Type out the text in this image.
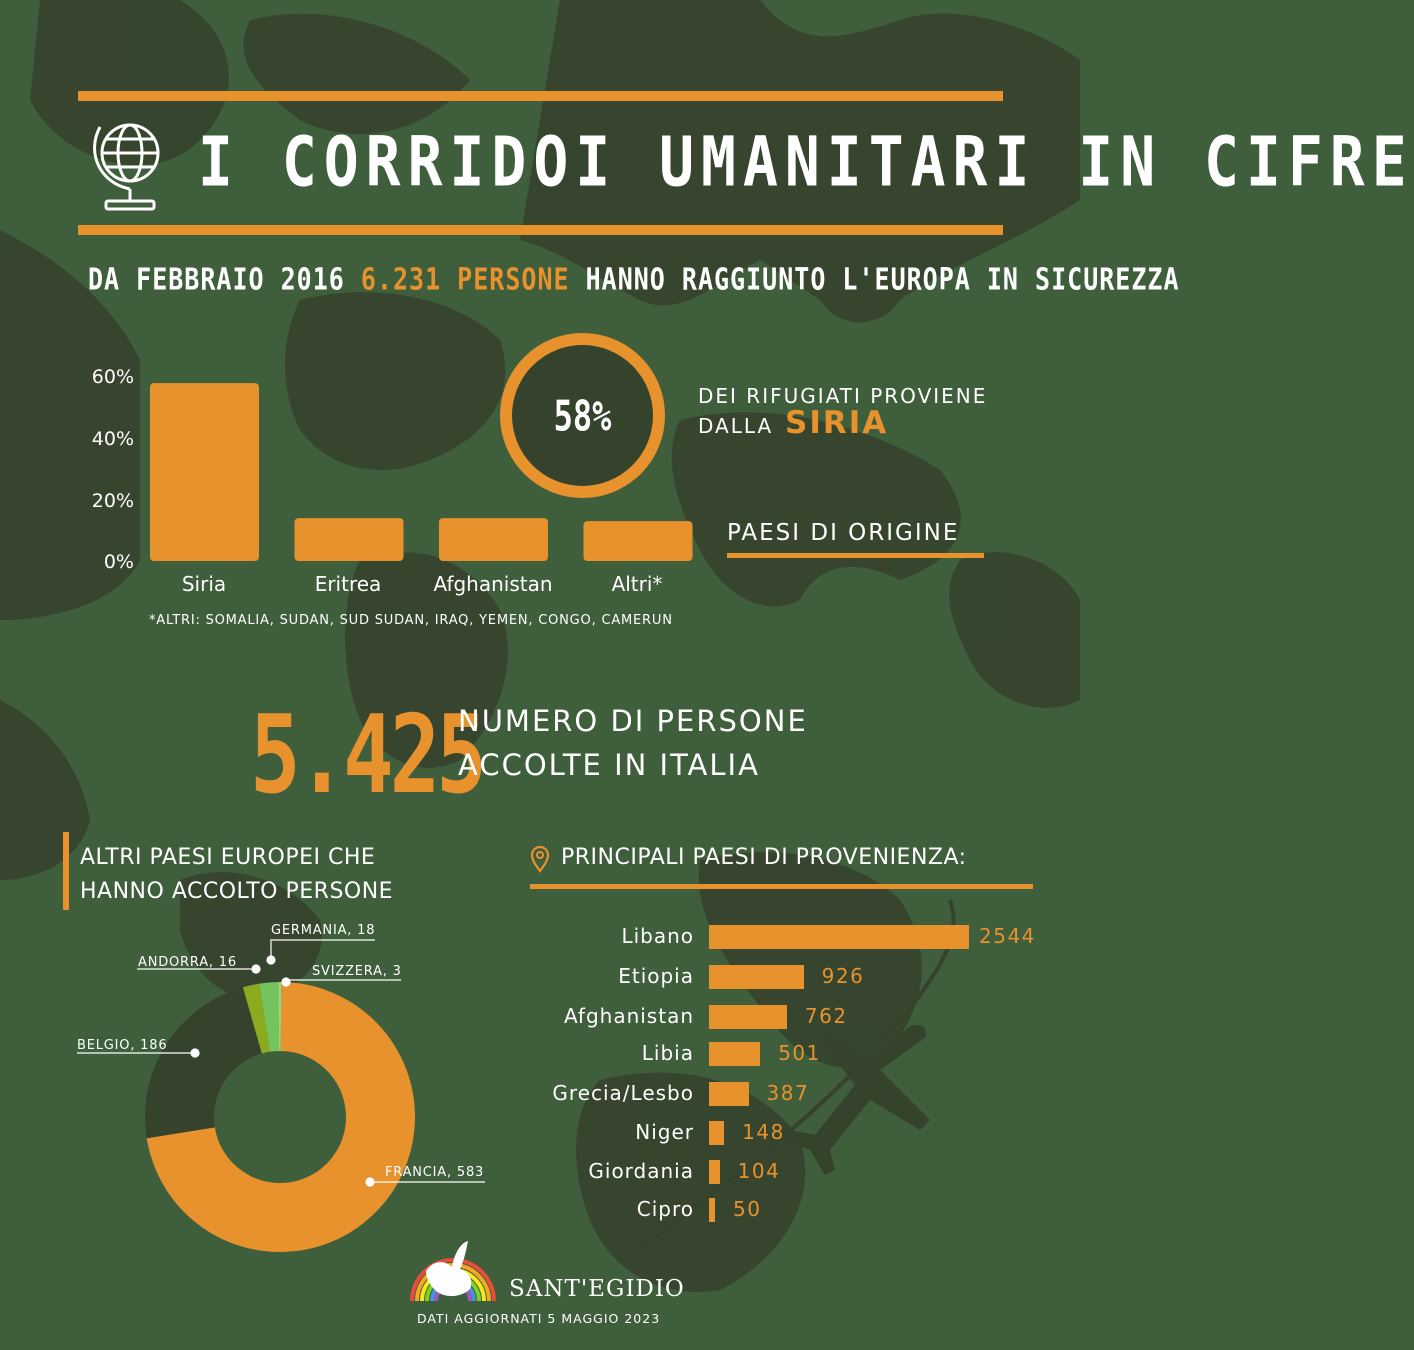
I CORRIDOI UMANITARI IN CIFRE
DA FEBBRAIO 2016 6.231 PERSONE HANNO RAGGIUNTO L'EUROPA IN SICUREZZA
60%
40%
20%
0%
Siria	Eritrea	Afghanistan	Altri*
*ALTRI: SOMALIA, SUDAN, SUD SUDAN, IRAQ, YEMEN, CONGO, CAMERUN
58%	DEI RIFUGIATI PROVIENE
DALLA SIRIA
PAESI DI ORIGINE
5.425
NUMERO DI PERSONE
ACCOLTE IN ITALIA
ALTRI PAESI EUROPEI CHE
HANNO ACCOLTO PERSONE
GERMANIA, 18
ANDORRA, 16
SVIZZERA, 3
BELGIO, 186
FRANCIA, 583
PRINCIPALI PAESI DI PROVENIENZA:
Libano	2544
Etiopia	926
Afghanistan	762
Libia	501
Grecia/Lesbo	387
Niger 148
Giordania 104
Cipro 50
SANT'EGIDIO
DATI AGGIORNATI 5 MAGGIO 2023
